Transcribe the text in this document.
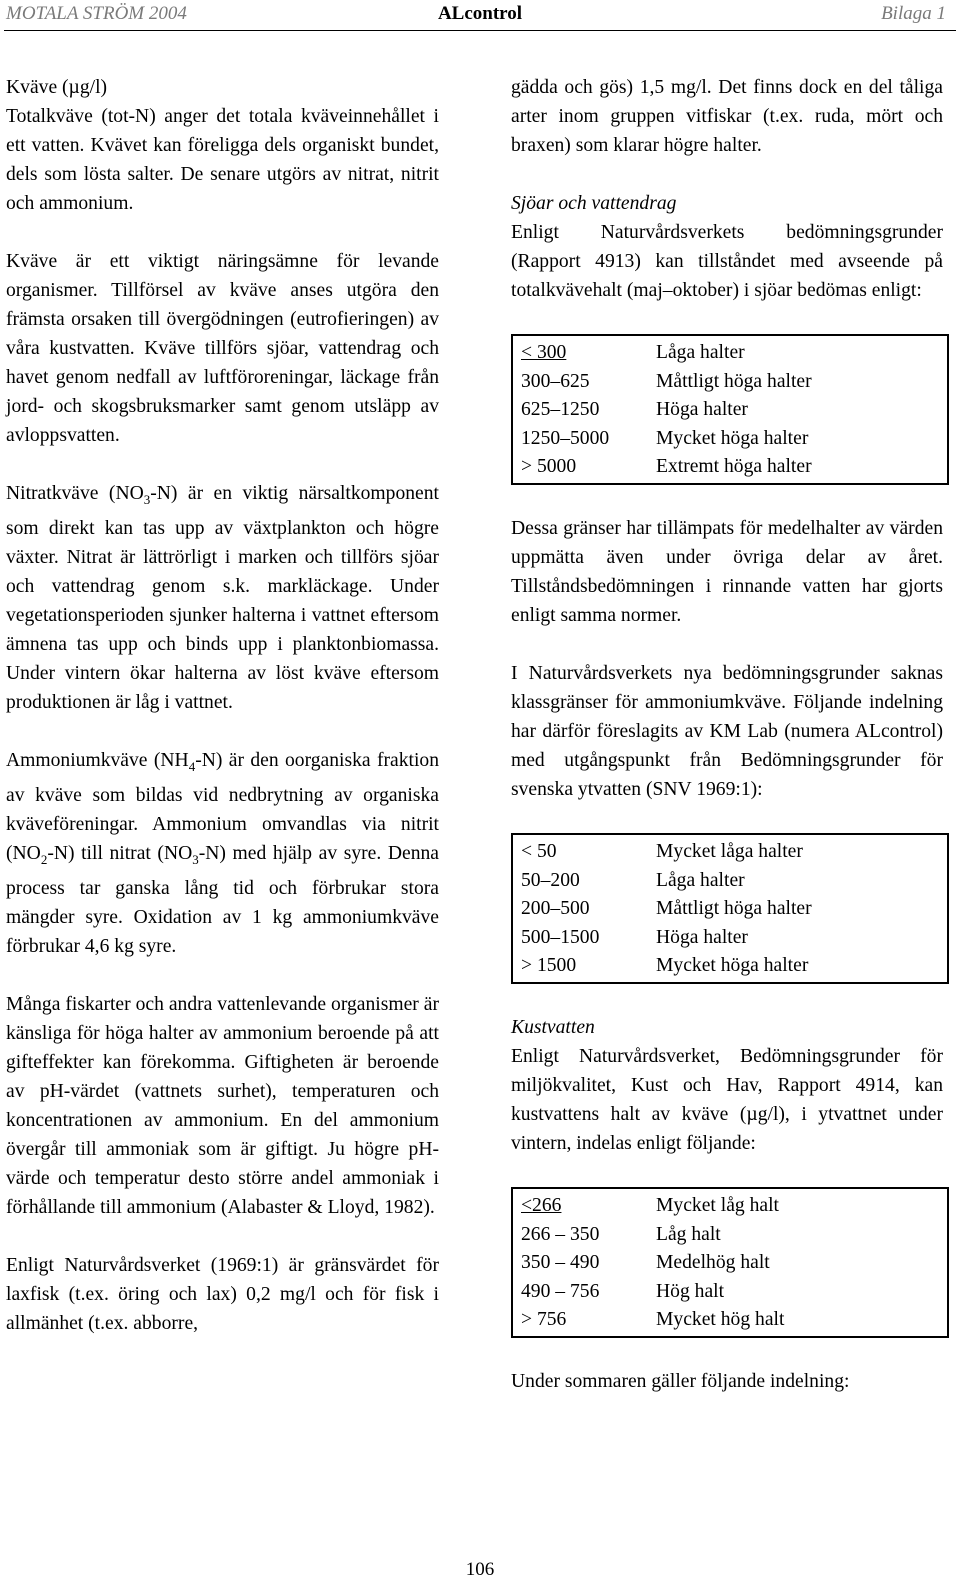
MOTALA STRÖM 2004	ALcontrol	Bilaga 1
Kväve (µg/l)

Totalkväve (tot-N) anger det totala kväveinnehållet i ett vatten. Kvävet kan föreligga dels organiskt bundet, dels som lösta salter. De senare utgörs av nitrat, nitrit och ammonium.

Kväve är ett viktigt näringsämne för levande organismer. Tillförsel av kväve anses utgöra den främsta orsaken till övergödningen (eutrofieringen) av våra kustvatten. Kväve tillförs sjöar, vattendrag och havet genom nedfall av luftföroreningar, läckage från jord- och skogsbruksmarker samt genom utsläpp av avloppsvatten.

Nitratkväve $(NO_3-N)$ är en viktig närsaltkomponent som direkt kan tas upp av växtplankton och högre växter. Nitrat är lättrörligt i marken och tillförs sjöar och vattendrag genom s.k. markläckage. Under vegetationsperioden sjunker halterna i vattnet eftersom ämnena tas upp och binds upp i planktonbiomassa. Under vintern ökar halterna av löst kväve eftersom produktionen är låg i vattnet.

Ammoniumkväve $(NH_4-N)$ är den oorganiska fraktion av kväve som bildas vid nedbrytning av organiska kväveföreningar. Ammonium omvandlas via nitrit $(NO_2-N)$ till nitrat $(NO_3-N)$ med hjälp av syre. Denna process tar ganska lång tid och förbrukar stora mängder syre. Oxidation av 1 kg ammoniumkväve förbrukar 4,6 kg syre.

Många fiskarter och andra vattenlevande organismer är känsliga för höga halter av ammonium beroende på att gifteffekter kan förekomma. Giftigheten är beroende av pH-värdet (vattnets surhet), temperaturen och koncentrationen av ammonium. En del ammonium övergår till ammoniak som är giftigt. Ju högre pH-värde och temperatur desto större andel ammoniak i förhållande till ammonium (Alabaster & Lloyd, 1982).

Enligt Naturvårdsverket (1969:1) är gränsvärdet för laxfisk (t.ex. öring och lax) 0,2 mg/l och för fisk i allmänhet (t.ex. abborre,

gädda och gös) 1,5 mg/l. Det finns dock en del tåliga arter inom gruppen vitfiskar (t.ex. ruda, mört och braxen) som klarar högre halter.

Sjöar och vattendrag

Enligt Naturvårdsverkets bedömningsgrunder (Rapport 4913) kan tillståndet med avseende på totalkvävehalt (maj–oktober) i sjöar bedömas enligt:

< 300	Låga halter
300–625	Måttligt höga halter
625–1250	Höga halter
1250–5000	Mycket höga halter
> 5000	Extremt höga halter

Dessa gränser har tillämpats för medelhalter av värden uppmätta även under övriga delar av året. Tillståndsbedömningen i rinnande vatten har gjorts enligt samma normer.

I Naturvårdsverkets nya bedömningsgrunder saknas klassgränser för ammoniumkväve. Följande indelning har därför föreslagits av KM Lab (numera ALcontrol) med utgångspunkt från Bedömningsgrunder för svenska ytvatten (SNV 1969:1):

< 50	Mycket låga halter
50–200	Låga halter
200–500	Måttligt höga halter
500–1500	Höga halter
> 1500	Mycket höga halter
Kustvatten

Enligt Naturvårdsverket, Bedömningsgrunder för miljökvalitet, Kust och Hav, Rapport 4914, kan kustvattens halt av kväve (µg/l), i ytvattnet under vintern, indelas enligt följande:

<266	Mycket låg halt
266 – 350	Låg halt
350 – 490	Medelhög halt
490 – 756	Hög halt
> 756	Mycket hög halt

Under sommaren gäller följande indelning:

106
